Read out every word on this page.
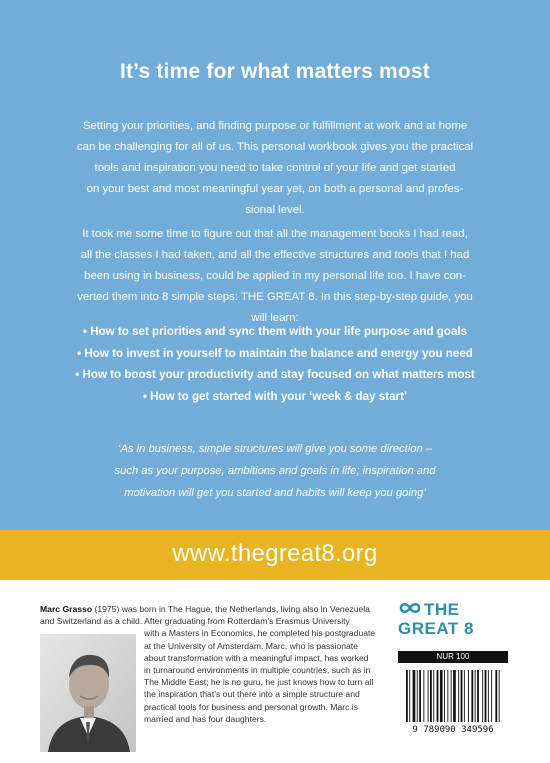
It’s time for what matters most
Setting your priorities, and finding purpose or fulfillment at work and at home
can be challenging for all of us. This personal workbook gives you the practical
tools and inspiration you need to take control of your life and get started
on your best and most meaningful year yet, on both a personal and profes-
sional level.
It took me some time to figure out that all the management books I had read,
all the classes I had taken, and all the effective structures and tools that I had
been using in business, could be applied in my personal life too. I have con-
verted them into 8 simple steps: THE GREAT 8. In this step-by-step guide, you
will learn:
• How to set priorities and sync them with your life purpose and goals
• How to invest in yourself to maintain the balance and energy you need
• How to boost your productivity and stay focused on what matters most
• How to get started with your ‘week & day start’
‘As in business, simple structures will give you some direction –
such as your purpose, ambitions and goals in life; inspiration and
motivation will get you started and habits will keep you going’
www.thegreat8.org

Marc Grasso (1975) was born in The Hague, the Netherlands, living also in Venezuela
and Switzerland as a child. After graduating from Rotterdam’s Erasmus University
with a Masters in Economics, he completed his postgraduate
at the University of Amsterdam. Marc, who is passionate
about transformation with a meaningful impact, has worked
in turnaround environments in multiple countries, such as in
The Middle East; he is no guru, he just knows how to turn all
the inspiration that’s out there into a simple structure and
practical tools for business and personal growth. Marc is
married and has four daughters.

THE
GREAT 8
NUR 100
9 789090 349596
